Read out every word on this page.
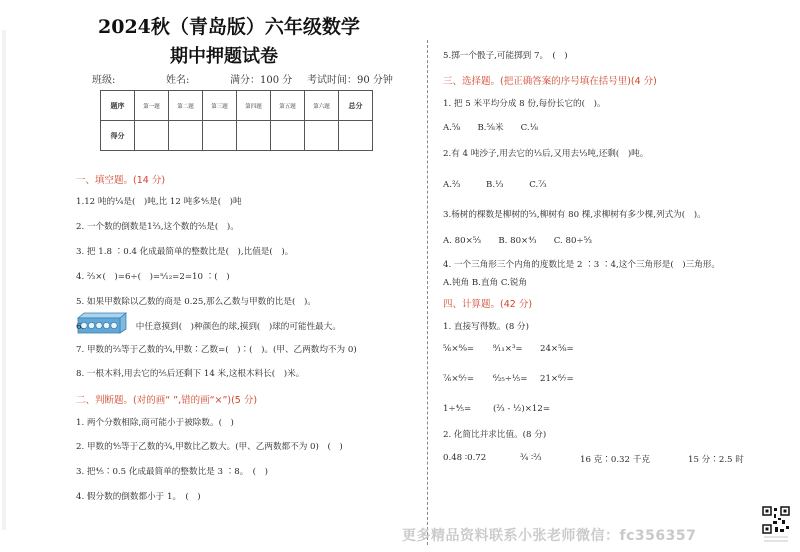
2024秋（青岛版）六年级数学
期中押题试卷
班级:	姓名:	满分：100 分 考试时间：90 分钟
题序	第一题	第二题	第三题	第四题	第五题	第六题	总分
得分							
一、填空题。(14 分)
1.12 吨的¹⁄₄是(　)吨,比 12 吨多⁴⁄₅是(　)吨
2. 一个数的倒数是1²⁄₃,这个数的²⁄₅是(　)。
3. 把 1.8 ∶0.4 化成最简单的整数比是(　),比值是(　)。
4. ²⁄₃×(　)=6÷(　)=ⁿ⁄₁₂=2=10 ∶(　)
5. 如果甲数除以乙数的商是 0.25,那么乙数与甲数的比是(　)。
6.　　　　　　中任意摸到(　)种颜色的球,摸到(　)球的可能性最大。
7. 甲数的²⁄₃等于乙数的³⁄₄,甲数∶乙数=(　)∶(　)。(甲、乙两数均不为 0)
8. 一根木料,用去它的²⁄₅后还剩下 14 米,这根木料长(　)米。
二、判断题。(对的画“ ”,错的画“×”)(5 分)
1. 两个分数相除,商可能小于被除数。(　)
2. 甲数的⁴⁄₅等于乙数的³⁄₄,甲数比乙数大。(甲、乙两数都不为 0)　(　)
3. 把⁴⁄₅∶0.5 化成最简单的整数比是 3 ∶8。　(　)
4. 假分数的倒数都小于 1。　(　)
5.掷一个骰子,可能掷到 7。　(　)
三、选择题。(把正确答案的序号填在括号里)(4 分)
1. 把 5 米平均分成 8 份,每份长它的(　)。
A.⁵⁄₈　　B.⁵⁄₈米　　C.¹⁄₈
2.有 4 吨沙子,用去它的¹⁄₃后,又用去¹⁄₃吨,还剩(　)吨。
A.²⁄₃　　　B.¹⁄₃　　　C.⁷⁄₃
3.杨树的棵数是柳树的⁵⁄₃,柳树有 80 棵,求柳树有多少棵,列式为(　)。
A. 80×⁵⁄₃　　B. 80×⁴⁄₃　　C. 80÷⁵⁄₃
4. 一个三角形三个内角的度数比是 2 ∶3 ∶4,这个三角形是(　)三角形。
A.钝角 B.直角 C.锐角
四、计算题。(42 分)
1. 直接写得数。(8 分)
⁵⁄₆×⁸⁄₉= ⁸⁄₁₁×³= 24×⁵⁄₈=
⁷⁄₆×⁶⁄₇= ⁶⁄₂₅÷¹⁄₅= 21×⁶⁄₇=
1÷⁴⁄₅=	(²⁄₃ - ¹⁄₂)×12=
2. 化简比并求比值。(8 分)
0.48 ∶0.72	³⁄₄ ∶²⁄₃	16 克∶0.32 千克	15 分∶2.5 时
更多精品资料联系小张老师微信：fc356357
